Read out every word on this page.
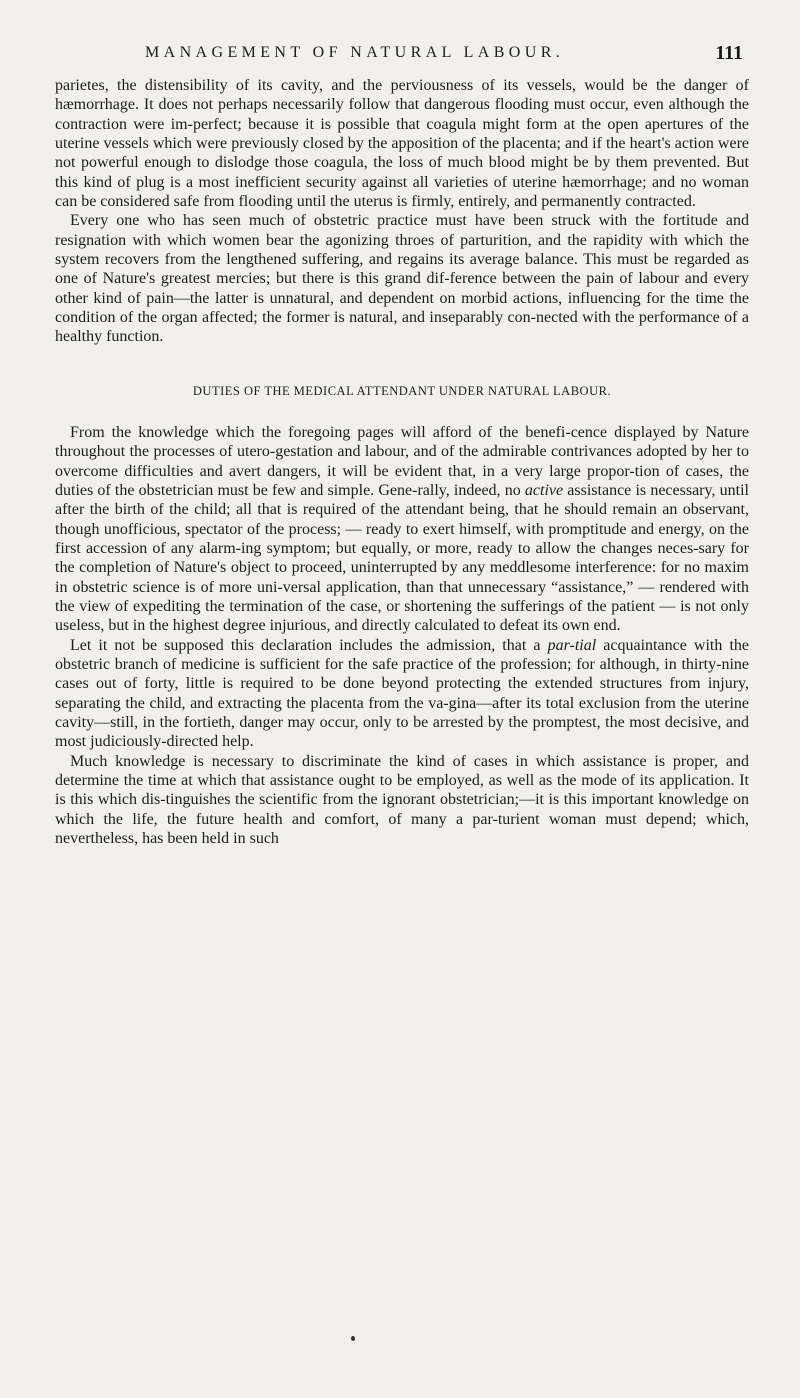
MANAGEMENT OF NATURAL LABOUR.	111

parietes, the distensibility of its cavity, and the perviousness of its vessels, would be the danger of hæmorrhage. It does not perhaps necessarily follow that dangerous flooding must occur, even although the contraction were im-perfect; because it is possible that coagula might form at the open apertures of the uterine vessels which were previously closed by the apposition of the placenta; and if the heart's action were not powerful enough to dislodge those coagula, the loss of much blood might be by them prevented. But this kind of plug is a most inefficient security against all varieties of uterine hæmorrhage; and no woman can be considered safe from flooding until the uterus is firmly, entirely, and permanently contracted.

Every one who has seen much of obstetric practice must have been struck with the fortitude and resignation with which women bear the agonizing throes of parturition, and the rapidity with which the system recovers from the lengthened suffering, and regains its average balance. This must be regarded as one of Nature's greatest mercies; but there is this grand dif-ference between the pain of labour and every other kind of pain—the latter is unnatural, and dependent on morbid actions, influencing for the time the condition of the organ affected; the former is natural, and inseparably con-nected with the performance of a healthy function.

DUTIES OF THE MEDICAL ATTENDANT UNDER NATURAL LABOUR.

From the knowledge which the foregoing pages will afford of the benefi-cence displayed by Nature throughout the processes of utero-gestation and labour, and of the admirable contrivances adopted by her to overcome difficulties and avert dangers, it will be evident that, in a very large propor-tion of cases, the duties of the obstetrician must be few and simple. Gene-rally, indeed, no active assistance is necessary, until after the birth of the child; all that is required of the attendant being, that he should remain an observant, though unofficious, spectator of the process; — ready to exert himself, with promptitude and energy, on the first accession of any alarm-ing symptom; but equally, or more, ready to allow the changes neces-sary for the completion of Nature's object to proceed, uninterrupted by any meddlesome interference: for no maxim in obstetric science is of more uni-versal application, than that unnecessary “assistance,” — rendered with the view of expediting the termination of the case, or shortening the sufferings of the patient — is not only useless, but in the highest degree injurious, and directly calculated to defeat its own end.

Let it not be supposed this declaration includes the admission, that a par-tial acquaintance with the obstetric branch of medicine is sufficient for the safe practice of the profession; for although, in thirty-nine cases out of forty, little is required to be done beyond protecting the extended structures from injury, separating the child, and extracting the placenta from the va-gina—after its total exclusion from the uterine cavity—still, in the fortieth, danger may occur, only to be arrested by the promptest, the most decisive, and most judiciously-directed help.

Much knowledge is necessary to discriminate the kind of cases in which assistance is proper, and determine the time at which that assistance ought to be employed, as well as the mode of its application. It is this which dis-tinguishes the scientific from the ignorant obstetrician;—it is this important knowledge on which the life, the future health and comfort, of many a par-turient woman must depend; which, nevertheless, has been held in such
